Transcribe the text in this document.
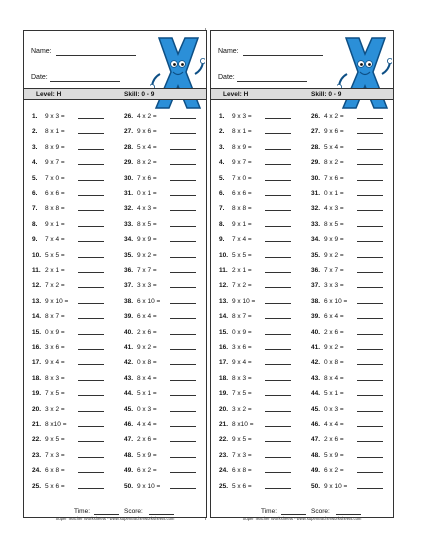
Name:
Date:
Level: H	Skill: 0 - 9
1. 9 x 3 =
2. 8 x 1 =
3. 8 x 9 =
4. 9 x 7 =
5. 7 x 0 =
6. 6 x 6 =
7. 8 x 8 =
8. 9 x 1 =
9. 7 x 4 =
10. 5 x 5 =
11. 2 x 1 =
12. 7 x 2 =
13. 9 x 10 =
14. 8 x 7 =
15. 0 x 9 =
16. 3 x 6 =
17. 9 x 4 =
18. 8 x 3 =
19. 7 x 5 =
20. 3 x 2 =
21. 8 x10 =
22. 9 x 5 =
23. 7 x 3 =
24. 6 x 8 =
25. 5 x 6 =
26. 4 x 2 =
27. 9 x 6 =
28. 5 x 4 =
29. 8 x 2 =
30. 7 x 6 =
31. 0 x 1 =
32. 4 x 3 =
33. 8 x 5 =
34. 9 x 9 =
35. 9 x 2 =
36. 7 x 7 =
37. 3 x 3 =
38. 6 x 10 =
39. 6 x 4 =
40. 2 x 6 =
41. 9 x 2 =
42. 0 x 8 =
43. 8 x 4 =
44. 5 x 1 =
45. 0 x 3 =
46. 4 x 4 =
47. 2 x 6 =
48. 5 x 9 =
49. 6 x 2 =
50. 9 x 10 =
Time:	Score:
Name:
Date:
Level: H	Skill: 0 - 9
1. 9 x 3 =
2. 8 x 1 =
3. 8 x 9 =
4. 9 x 7 =
5. 7 x 0 =
6. 6 x 6 =
7. 8 x 8 =
8. 9 x 1 =
9. 7 x 4 =
10. 5 x 5 =
11. 2 x 1 =
12. 7 x 2 =
13. 9 x 10 =
14. 8 x 7 =
15. 0 x 9 =
16. 3 x 6 =
17. 9 x 4 =
18. 8 x 3 =
19. 7 x 5 =
20. 3 x 2 =
21. 8 x10 =
22. 9 x 5 =
23. 7 x 3 =
24. 6 x 8 =
25. 5 x 6 =
26. 4 x 2 =
27. 9 x 6 =
28. 5 x 4 =
29. 8 x 2 =
30. 7 x 6 =
31. 0 x 1 =
32. 4 x 3 =
33. 8 x 5 =
34. 9 x 9 =
35. 9 x 2 =
36. 7 x 7 =
37. 3 x 3 =
38. 6 x 10 =
39. 6 x 4 =
40. 2 x 6 =
41. 9 x 2 =
42. 0 x 8 =
43. 8 x 4 =
44. 5 x 1 =
45. 0 x 3 =
46. 4 x 4 =
47. 2 x 6 =
48. 5 x 9 =
49. 6 x 2 =
50. 9 x 10 =
Time:	Score:
Super Teacher Worksheets - www.superteacherworksheets.com	Super Teacher Worksheets - www.superteacherworksheets.com
